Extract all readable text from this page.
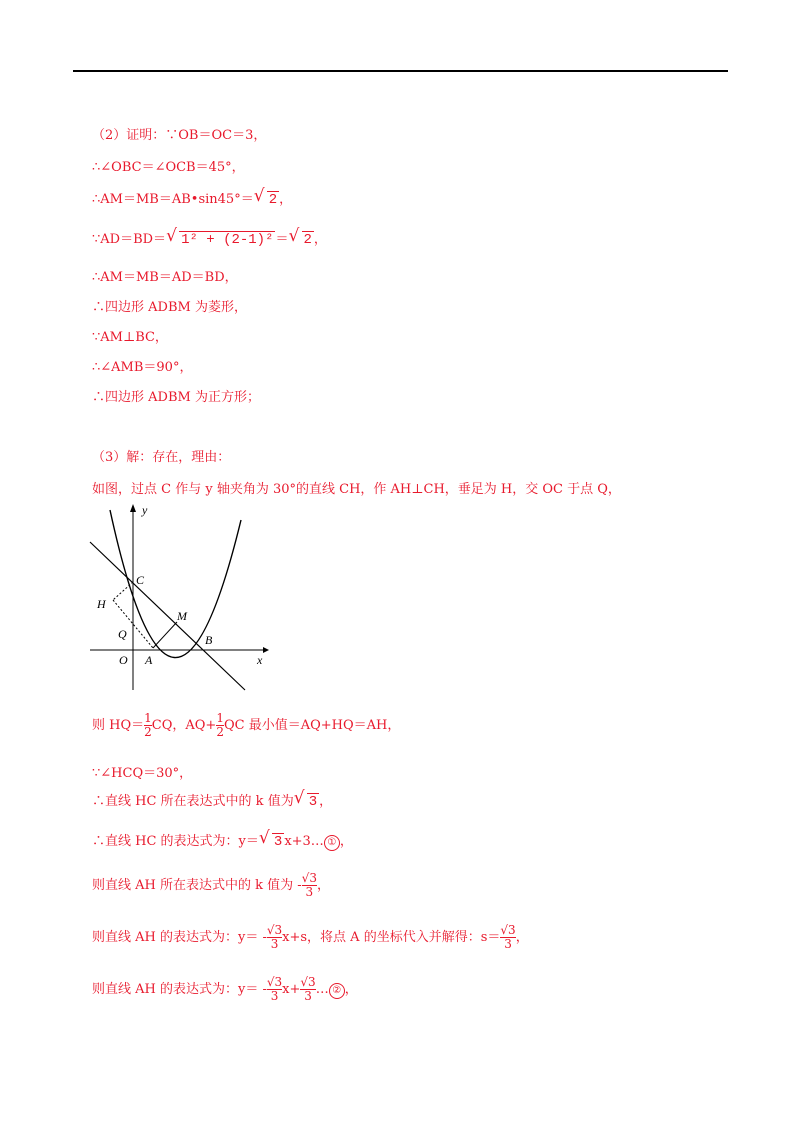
（2）证明：∵OB＝OC＝3，
∴∠OBC＝∠OCB＝45°，
∴AM＝MB＝AB•sin45°＝ √ 2 ，
∵AD＝BD＝ √ 1² + (2-1)² ＝ √ 2 ，
∴AM＝MB＝AD＝BD，
∴四边形 ADBM 为菱形，
∵AM⊥BC，
∴∠AMB＝90°，
∴四边形 ADBM 为正方形；
（3）解：存在，理由：
如图，过点 C 作与 y 轴夹角为 30°的直线 CH，作 AH⊥CH，垂足为 H，交 OC 于点 Q，
y
x
C
H
M
Q
O A
B
则 $HQ= \frac{1}{2}$ CQ，$AQ+ \frac{1}{2}$ QC 最小值＝AQ+HQ＝AH，
∵∠HCQ＝30°，
∴直线 HC 所在表达式中的 k 值为 √ 3 ，
∴直线 HC 的表达式为：y＝ √ 3 x+3… ① ，
则直线 AH 所在表达式中的 k 值为 - $\frac{√3}{3}$ ，
则直线 AH 的表达式为：$y= - \frac{√3}{3} x+s$，将点 A 的坐标代入并解得：$s= \frac{√3}{3}$ ，
则直线 AH 的表达式为：$y= - \frac{√3}{3} x+ \frac{√3}{3}$ … ② ，
